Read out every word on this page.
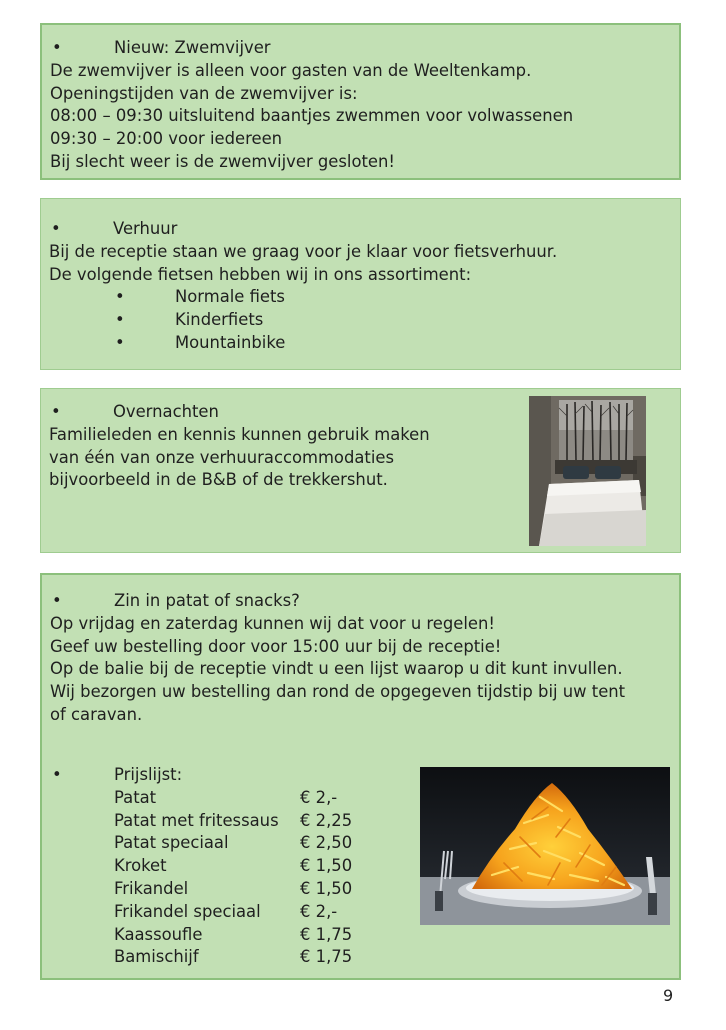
•	Nieuw: Zwemvijver
De zwemvijver is alleen voor gasten van de Weeltenkamp.
Openingstijden van de zwemvijver is:
08:00 – 09:30 uitsluitend baantjes zwemmen voor volwassenen
09:30 – 20:00 voor iedereen
Bij slecht weer is de zwemvijver gesloten!
•	Verhuur
Bij de receptie staan we graag voor je klaar voor fietsverhuur.
De volgende fietsen hebben wij in ons assortiment:
•	Normale fiets
•	Kinderfiets
•	Mountainbike
•	Overnachten
Familieleden en kennis kunnen gebruik maken
van één van onze verhuuraccommodaties
bijvoorbeeld in de B&B of de trekkershut.
•	Zin in patat of snacks?
Op vrijdag en zaterdag kunnen wij dat voor u regelen!
Geef uw bestelling door voor 15:00 uur bij de receptie!
Op de balie bij de receptie vindt u een lijst waarop u dit kunt invullen.
Wij bezorgen uw bestelling dan rond de opgegeven tijdstip bij uw tent
of caravan.
•	Prijslijst:
Patat	€ 2,-
Patat met fritessaus € 2,25
Patat speciaal	€ 2,50
Kroket	€ 1,50
Frikandel	€ 1,50
Frikandel speciaal € 2,-
Kaassoufle	€ 1,75
Bamischijf	€ 1,75
9
